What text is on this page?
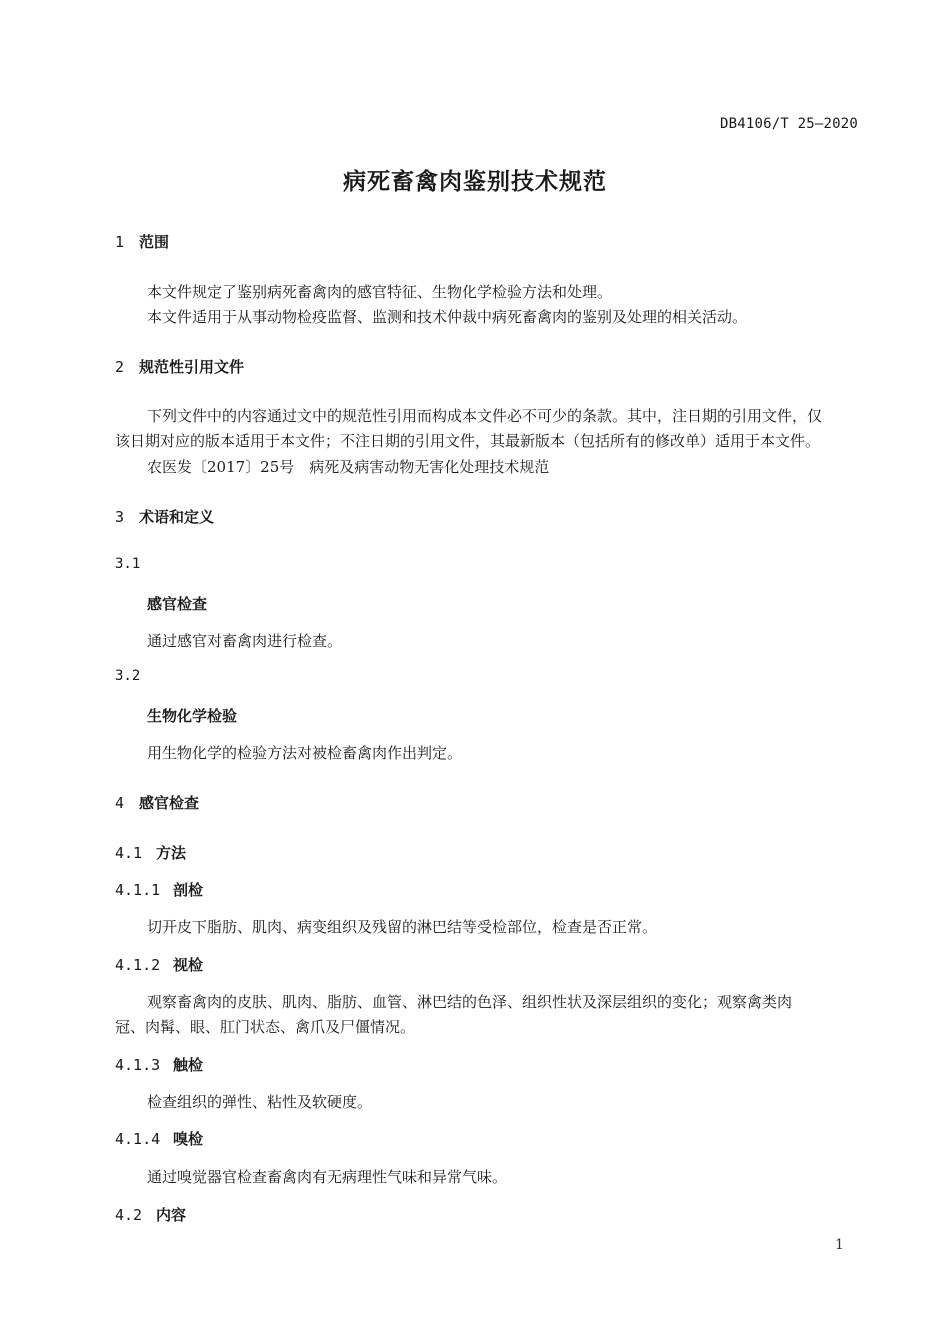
DB4106/T 25—2020
病死畜禽肉鉴别技术规范
1 范围
本文件规定了鉴别病死畜禽肉的感官特征、生物化学检验方法和处理。
本文件适用于从事动物检疫监督、监测和技术仲裁中病死畜禽肉的鉴别及处理的相关活动。
2 规范性引用文件
下列文件中的内容通过文中的规范性引用而构成本文件必不可少的条款。其中，注日期的引用文件，仅
该日期对应的版本适用于本文件；不注日期的引用文件，其最新版本（包括所有的修改单）适用于本文件。
农医发〔2017〕25号　病死及病害动物无害化处理技术规范
3 术语和定义
3.1
感官检查
通过感官对畜禽肉进行检查。
3.2
生物化学检验
用生物化学的检验方法对被检畜禽肉作出判定。
4 感官检查
4.1 方法
4.1.1 剖检
切开皮下脂肪、肌肉、病变组织及残留的淋巴结等受检部位，检查是否正常。
4.1.2 视检
观察畜禽肉的皮肤、肌肉、脂肪、血管、淋巴结的色泽、组织性状及深层组织的变化；观察禽类肉
冠、肉髯、眼、肛门状态、禽爪及尸僵情况。
4.1.3 触检
检查组织的弹性、粘性及软硬度。
4.1.4 嗅检
通过嗅觉器官检查畜禽肉有无病理性气味和异常气味。
4.2 内容
1
